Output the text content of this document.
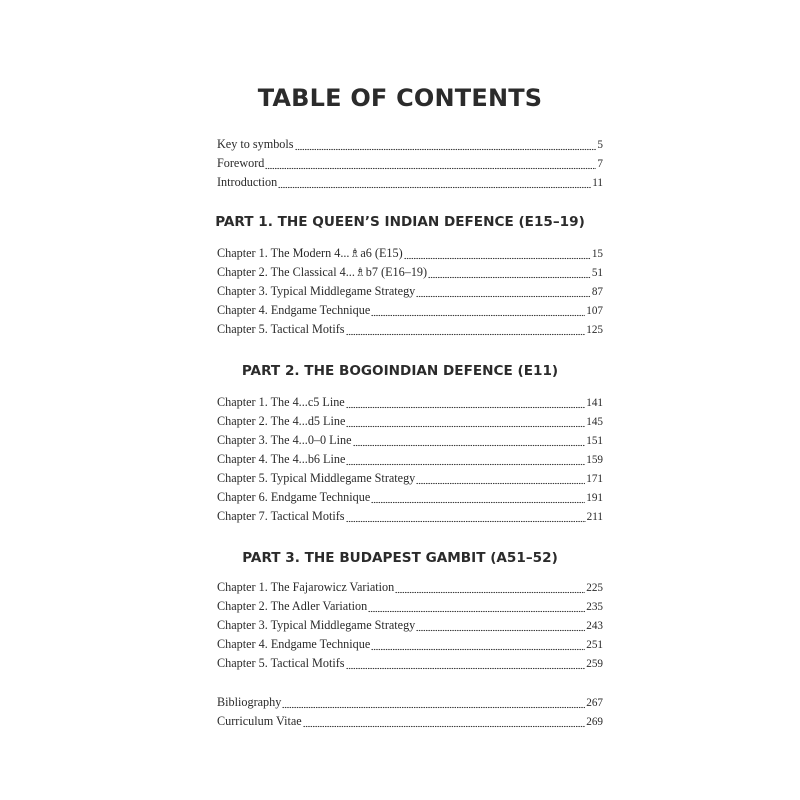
TABLE OF CONTENTS
Key to symbols	5
Foreword	7
Introduction	11
PART 1. THE QUEEN’S INDIAN DEFENCE (E15–19)
Chapter 1. The Modern 4...♗a6 (E15)	15
Chapter 2. The Classical 4...♗b7 (E16–19)	51
Chapter 3. Typical Middlegame Strategy	87
Chapter 4. Endgame Technique	107
Chapter 5. Tactical Motifs	125
PART 2. THE BOGOINDIAN DEFENCE (E11)
Chapter 1. The 4...c5 Line	141
Chapter 2. The 4...d5 Line	145
Chapter 3. The 4...0–0 Line	151
Chapter 4. The 4...b6 Line	159
Chapter 5. Typical Middlegame Strategy	171
Chapter 6. Endgame Technique	191
Chapter 7. Tactical Motifs	211
PART 3. THE BUDAPEST GAMBIT (A51–52)
Chapter 1. The Fajarowicz Variation	225
Chapter 2. The Adler Variation	235
Chapter 3. Typical Middlegame Strategy	243
Chapter 4. Endgame Technique	251
Chapter 5. Tactical Motifs	259
Bibliography	267
Curriculum Vitae	269
